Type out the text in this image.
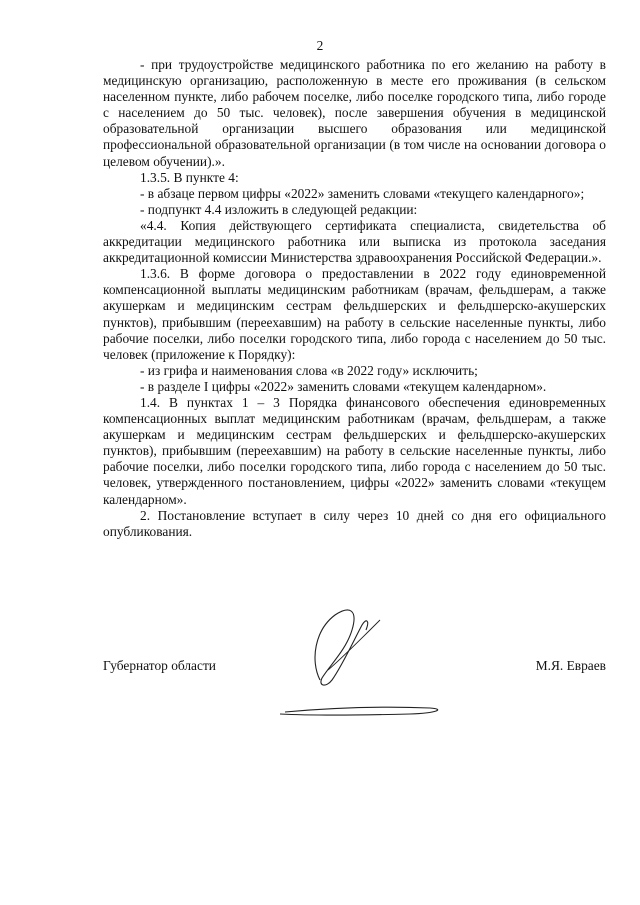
2

- при трудоустройстве медицинского работника по его желанию на работу в медицинскую организацию, расположенную в месте его проживания (в сельском населенном пункте, либо рабочем поселке, либо поселке городского типа, либо городе с населением до 50 тыс. человек), после завершения обучения в медицинской образовательной организации высшего образования или медицинской профессиональной образовательной организации (в том числе на основании договора о целевом обучении).».

1.3.5. В пункте 4:

- в абзаце первом цифры «2022» заменить словами «текущего календарного»;

- подпункт 4.4 изложить в следующей редакции:

«4.4. Копия действующего сертификата специалиста, свидетельства об аккредитации медицинского работника или выписка из протокола заседания аккредитационной комиссии Министерства здравоохранения Российской Федерации.».

1.3.6. В форме договора о предоставлении в 2022 году единовременной компенсационной выплаты медицинским работникам (врачам, фельдшерам, а также акушеркам и медицинским сестрам фельдшерских и фельдшерско-акушерских пунктов), прибывшим (переехавшим) на работу в сельские населенные пункты, либо рабочие поселки, либо поселки городского типа, либо города с населением до 50 тыс. человек (приложение к Порядку):

- из грифа и наименования слова «в 2022 году» исключить;

- в разделе I цифры «2022» заменить словами «текущем календарном».

1.4. В пунктах 1 – 3 Порядка финансового обеспечения единовременных компенсационных выплат медицинским работникам (врачам, фельдшерам, а также акушеркам и медицинским сестрам фельдшерских и фельдшерско-акушерских пунктов), прибывшим (переехавшим) на работу в сельские населенные пункты, либо рабочие поселки, либо поселки городского типа, либо города с населением до 50 тыс. человек, утвержденного постановлением, цифры «2022» заменить словами «текущем календарном».

2. Постановление вступает в силу через 10 дней со дня его официального опубликования.

Губернатор области	М.Я. Евраев
